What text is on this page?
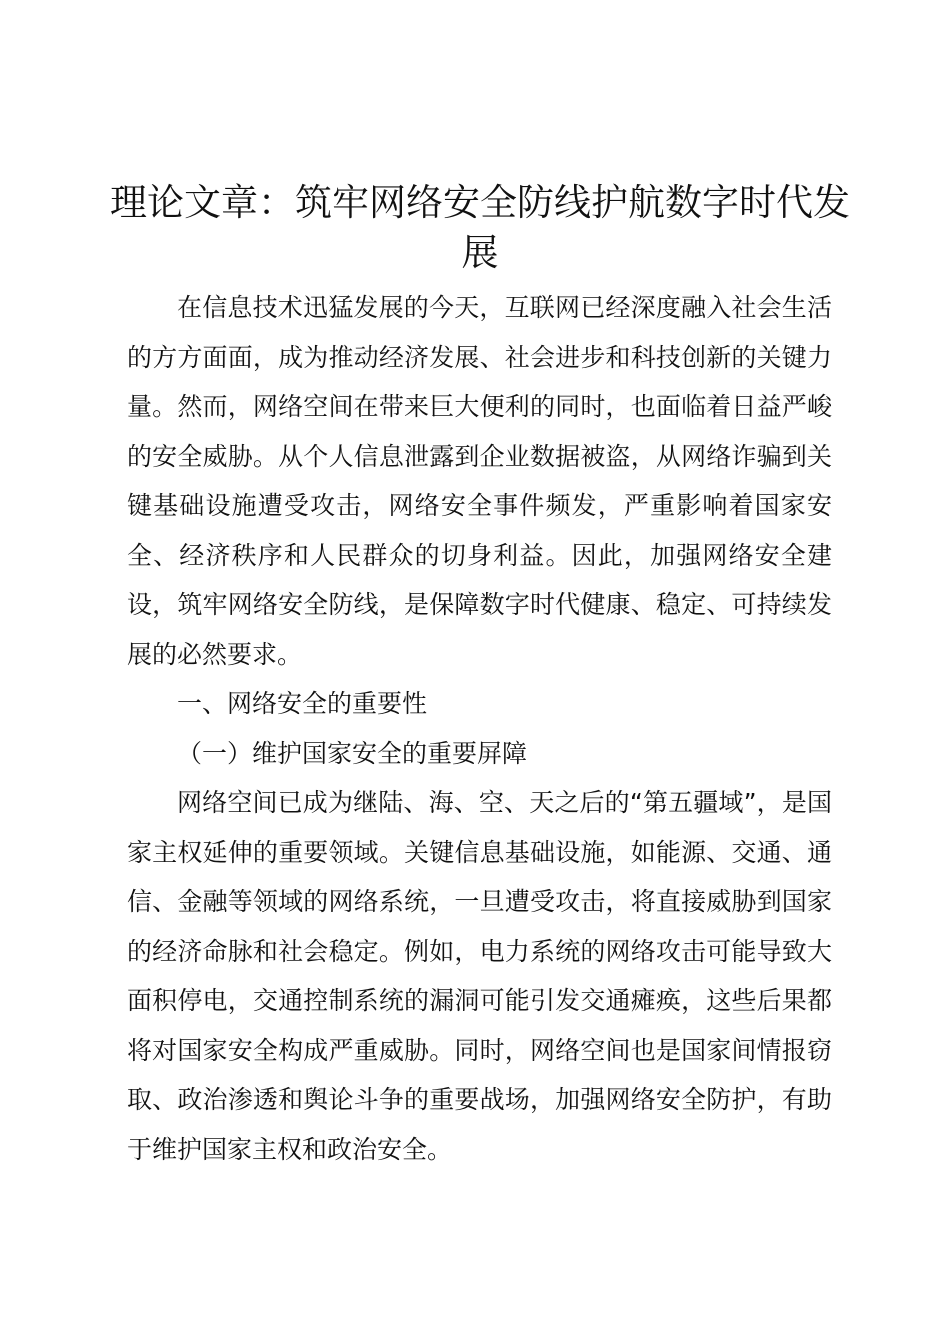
理论文章：筑牢网络安全防线护航数字时代发展

在信息技术迅猛发展的今天，互联网已经深度融入社会生活的方方面面，成为推动经济发展、社会进步和科技创新的关键力量。然而，网络空间在带来巨大便利的同时，也面临着日益严峻的安全威胁。从个人信息泄露到企业数据被盗，从网络诈骗到关键基础设施遭受攻击，网络安全事件频发，严重影响着国家安全、经济秩序和人民群众的切身利益。因此，加强网络安全建设，筑牢网络安全防线，是保障数字时代健康、稳定、可持续发展的必然要求。

一、网络安全的重要性

（一）维护国家安全的重要屏障

网络空间已成为继陆、海、空、天之后的“第五疆域”，是国家主权延伸的重要领域。关键信息基础设施，如能源、交通、通信、金融等领域的网络系统，一旦遭受攻击，将直接威胁到国家的经济命脉和社会稳定。例如，电力系统的网络攻击可能导致大面积停电，交通控制系统的漏洞可能引发交通瘫痪，这些后果都将对国家安全构成严重威胁。同时，网络空间也是国家间情报窃取、政治渗透和舆论斗争的重要战场，加强网络安全防护，有助于维护国家主权和政治安全。
